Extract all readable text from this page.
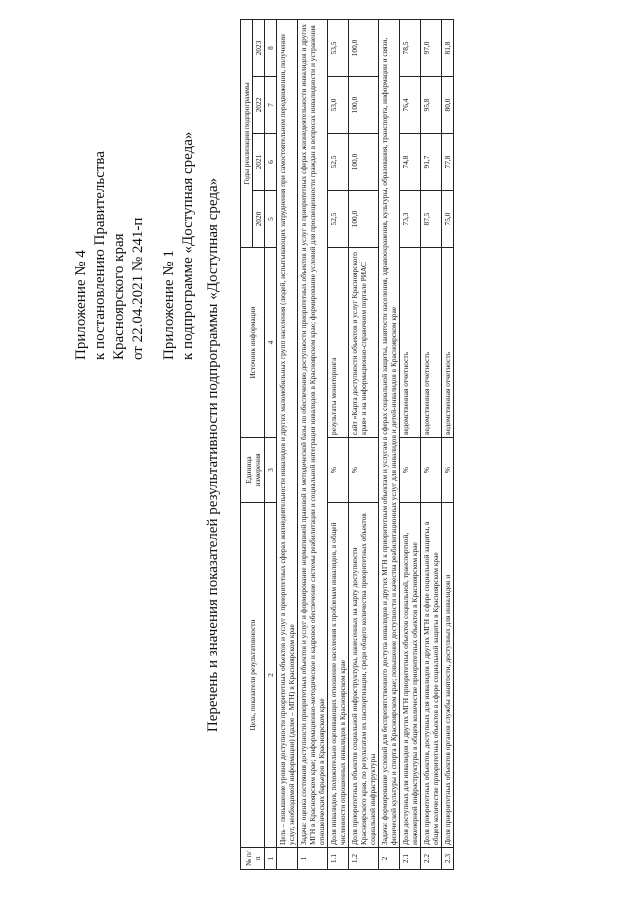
Приложение № 4 к постановлению Правительства Красноярского края от 22.04.2021 № 241-п Приложение № 1 к подпрограмме «Доступная среда» Перечень и значения показателей результативности подпрограммы «Доступная среда»
№ п/п	Цель, показатели результативности	Единица измерения	Источник информации	Годы реализации подпрограммы			
				2020	2021	2022	2023
1	2	3	4	5	6	7	8
	Цель – повышение уровня доступности приоритетных объектов и услуг в приоритетных сферах жизнедеятельности инвалидов и других маломобильных групп населения (людей, испытывающих затруднения при самостоятельном передвижении, получении услуг, необходимой информации) (далее – МГН) в Красноярском крае						
1	Задача: оценка состояния доступности приоритетных объектов и услуг и формирование нормативной правовой и методической базы по обеспечению доступности приоритетных объектов и услуг в приоритетных сферах жизнедеятельности инвалидов и других МГН в Красноярском крае; информационно-методическое и кадровое обеспечение системы реабилитации и социальной интеграции инвалидов в Красноярском крае; формирование условий для просвещенности граждан в вопросах инвалидности и устранения отношенческих барьеров в Красноярском крае						
1.1	Доля инвалидов, положительно оценивающих отношение населения к проблемам инвалидов, в общей численности опрошенных инвалидов в Красноярском крае	%	результаты мониторинга	52,5	52,5	53,0	53,5
1.2	Доля приоритетных объектов социальной инфраструктуры, нанесенных на карту доступности Красноярского края, по результатам их паспортизации, среди общего количества приоритетных объектов социальной инфраструктуры	%	сайт «Карта доступности объектов и услуг Красноярского края» и на информационно-справочном портале РИАС	100,0	100,0	100,0	100,0
2	Задача: формирование условий для беспрепятственного доступа инвалидов и других МГН к приоритетным объектам и услугам в сферах социальной защиты, занятости населения, здравоохранения, культуры, образования, транспорта, информации и связи, физической культуры и спорта в Красноярском крае; повышение доступности и качества реабилитационных услуг для инвалидов и детей-инвалидов в Красноярском крае						
2.1	Доля доступных для инвалидов и других МГН приоритетных объектов социальной, транспортной, инженерной инфраструктуры в общем количестве приоритетных объектов в Красноярском крае	%	ведомственная отчетность	73,3	74,8	76,4	78,5
2.2	Доля приоритетных объектов, доступных для инвалидов и других МГН в сфере социальной защиты, в общем количестве приоритетных объектов в сфере социальной защиты в Красноярском крае	%	ведомственная отчетность	87,5	91,7	95,8	97,0
2.3	Доля приоритетных объектов органов службы занятости, доступных для инвалидов и	%	ведомственная отчетность	75,0	77,8	80,0	81,8
